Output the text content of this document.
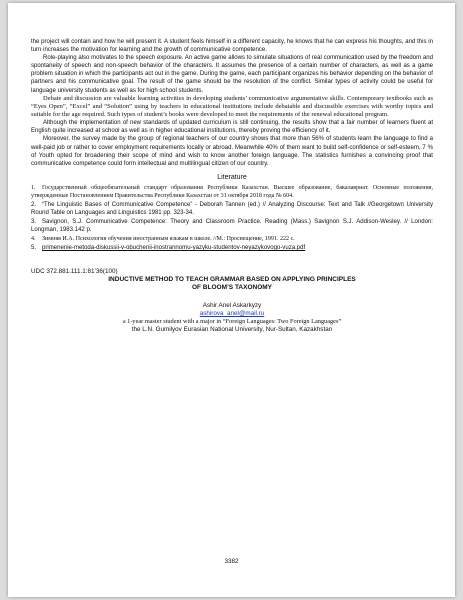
the project will contain and how he will present it. A student feels himself in a different capacity, he knows that he can express his thoughts, and this in turn increases the motivation for learning and the growth of communicative competence.

Role-playing also motivates to the speech exposure. An active game allows to simulate situations of real communication used by the freedom and spontaneity of speech and non-speech behavior of the characters. It assumes the presence of a certain number of characters, as well as a game problem situation in which the participants act out in the game. During the game, each participant organizes his behavior depending on the behavior of partners and his communicative goal. The result of the game should be the resolution of the conflict. Similar types of activity could be useful for language university students as well as for high school students.

Debate and discussion are valuable learning activities in developing students’ communicative argumentative skills. Contemporary textbooks such as “Eyes Open”, “Excel” and “Solution” using by teachers in educational institutions include debatable and discussible exercises with worthy topics and suitable for the age required. Such types of student’s books were developed to meet the requirements of the renewal educational program.

Although the implementation of new standards of updated curriculum is still continuing, the results show that a fair number of learners fluent at English quite increased at school as well as in higher educational institutions, thereby proving the efficiency of it.

Moreover, the survey made by the group of regional teachers of our country shows that more than 56% of students learn the language to find a well-paid job or rather to cover employment requirements locally or abroad. Meanwhile 40% of them want to build self-confidence or self-esteem, 7 % of Youth opted for broadening their scope of mind and wish to know another foreign language. The statistics furnishes a convincing proof that communicative competence could form intellectual and multilingual citizen of our country.

Literature

1. Государственный общеобязательный стандарт образования Республики Казахстан. Высшее образование, бакалавриат. Основные положения, утвержденные Постановлением Правительства Республики Казахстан от 31 октября 2018 года № 604.

2. “The Linguistic Bases of Communicative Competence” - Deborah Tannen (ed.) // Analyzing Discourse: Text and Talk //Georgetown University Round Table on Languages and Linguistics 1981 pp. 323-34.

3. Savignon, S.J. Communicative Competence: Theory and Classroom Practice. Reading (Mass.) Savignon S.J. Addison-Wesley. // London: Longman, 1983.142 p.

4. Зимняя И.А. Психология обучения иностранным языкам в школе. //М.: Просвещение, 1991. 222 с.

5. primenenie-metoda-diskussii-v-obuchenii-inostrannomu-yazyku-studentov-neyazykovogo-vuza.pdf

UDC 372.881.111.1:81’36(100)
INDUCTIVE METHOD TO TEACH GRAMMAR BASED ON APPLYING PRINCIPLES
OF BLOOM’S TAXONOMY
Ashir Anel Askarkyzy
ashirova_anel@mail.ru
a 1-year master student with a major in “Foreign Languages: Two Foreign Languages”
the L.N. Gumilyov Eurasian National University, Nur-Sultan, Kazakhstan
3382
